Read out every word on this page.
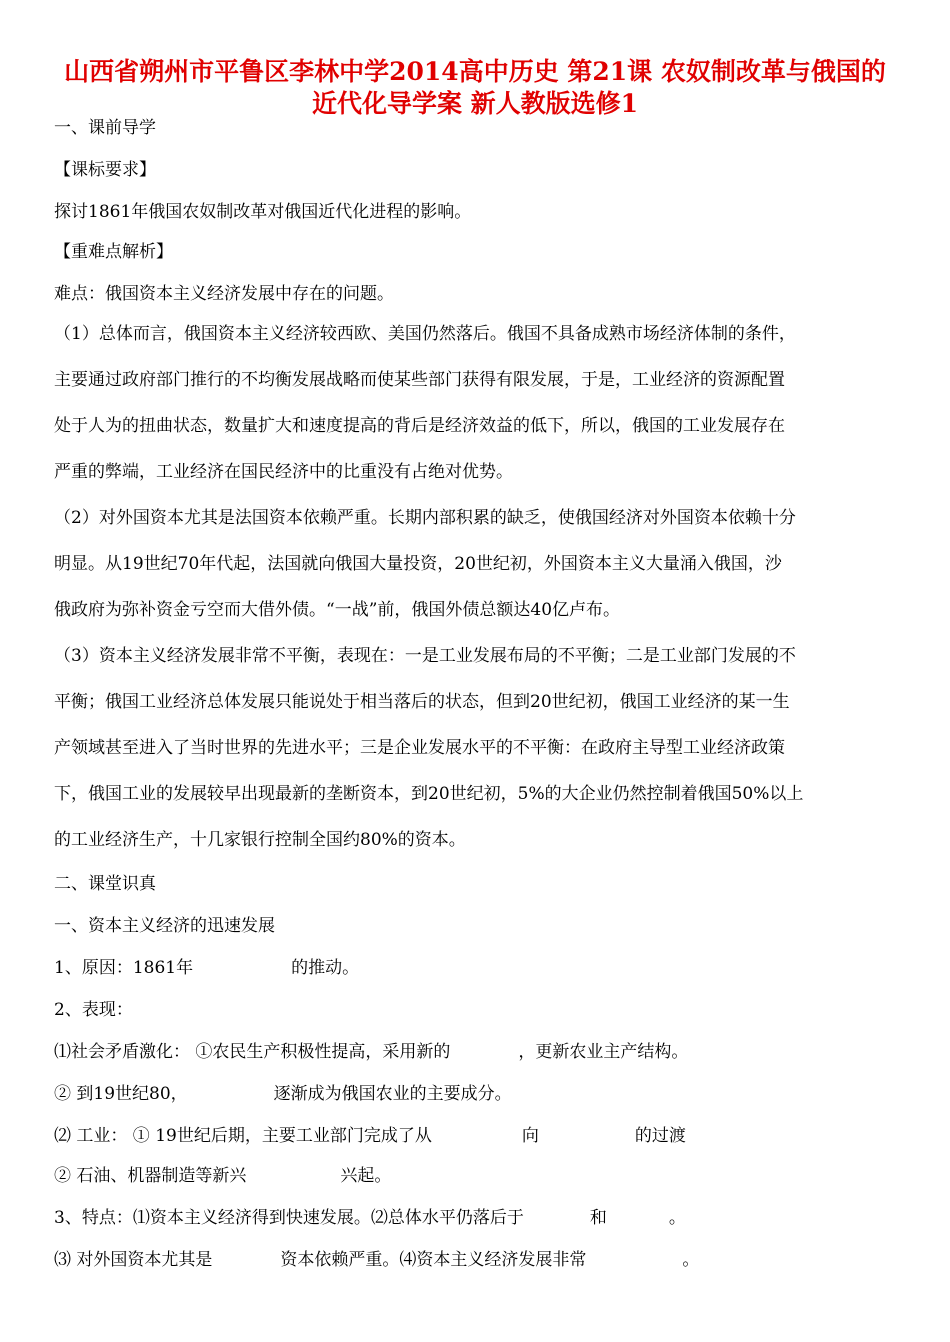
山西省朔州市平鲁区李林中学2014高中历史 第21课 农奴制改革与俄国的
近代化导学案 新人教版选修1
一、课前导学
【课标要求】
探讨1861年俄国农奴制改革对俄国近代化进程的影响。
【重难点解析】
难点：俄国资本主义经济发展中存在的问题。
（1）总体而言，俄国资本主义经济较西欧、美国仍然落后。俄国不具备成熟市场经济体制的条件，
主要通过政府部门推行的不均衡发展战略而使某些部门获得有限发展，于是，工业经济的资源配置
处于人为的扭曲状态，数量扩大和速度提高的背后是经济效益的低下，所以，俄国的工业发展存在
严重的弊端，工业经济在国民经济中的比重没有占绝对优势。
（2）对外国资本尤其是法国资本依赖严重。长期内部积累的缺乏，使俄国经济对外国资本依赖十分
明显。从19世纪70年代起，法国就向俄国大量投资，20世纪初，外国资本主义大量涌入俄国，沙
俄政府为弥补资金亏空而大借外债。“一战”前，俄国外债总额达40亿卢布。
（3）资本主义经济发展非常不平衡，表现在：一是工业发展布局的不平衡；二是工业部门发展的不
平衡；俄国工业经济总体发展只能说处于相当落后的状态，但到20世纪初，俄国工业经济的某一生
产领域甚至进入了当时世界的先进水平；三是企业发展水平的不平衡：在政府主导型工业经济政策
下，俄国工业的发展较早出现最新的垄断资本，到20世纪初，5%的大企业仍然控制着俄国50%以上
的工业经济生产，十几家银行控制全国约80%的资本。
二、课堂识真
一、资本主义经济的迅速发展
1、原因：1861年	的推动。
2、表现：
⑴社会矛盾激化： ①农民生产积极性提高，采用新的	，更新农业主产结构。
② 到19世纪80，	逐渐成为俄国农业的主要成分。
⑵ 工业： ① 19世纪后期，主要工业部门完成了从	向	的过渡
② 石油、机器制造等新兴	兴起。
3、特点：⑴资本主义经济得到快速发展。⑵总体水平仍落后于	和	。
⑶ 对外国资本尤其是	资本依赖严重。⑷资本主义经济发展非常	。
